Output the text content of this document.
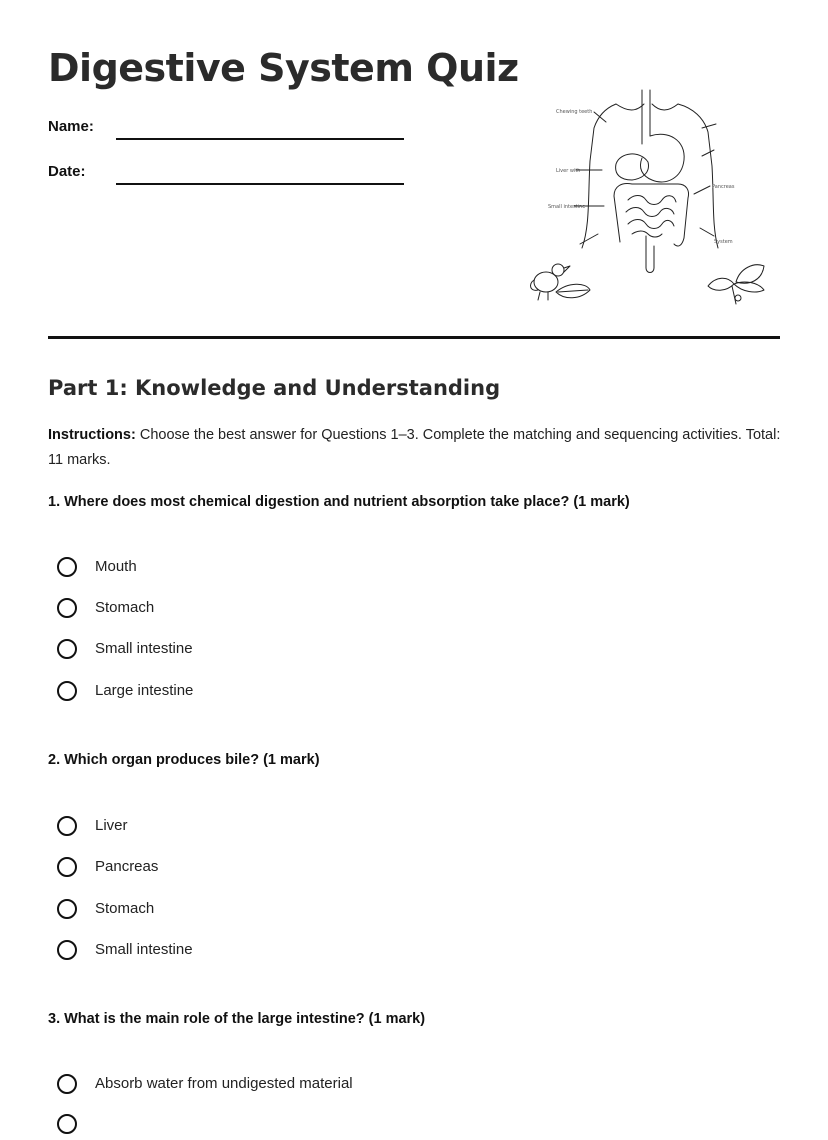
Digestive System Quiz
Name:
Date:
Chewing teeth
Liver with
Small intestine
Pancreas
System
Part 1: Knowledge and Understanding
Instructions: Choose the best answer for Questions 1–3. Complete the matching and sequencing activities. Total: 11 marks.

1. Where does most chemical digestion and nutrient absorption take place? (1 mark)

Mouth
Stomach
Small intestine
Large intestine

2. Which organ produces bile? (1 mark)

Liver
Pancreas
Stomach
Small intestine

3. What is the main role of the large intestine? (1 mark)

Absorb water from undigested material
